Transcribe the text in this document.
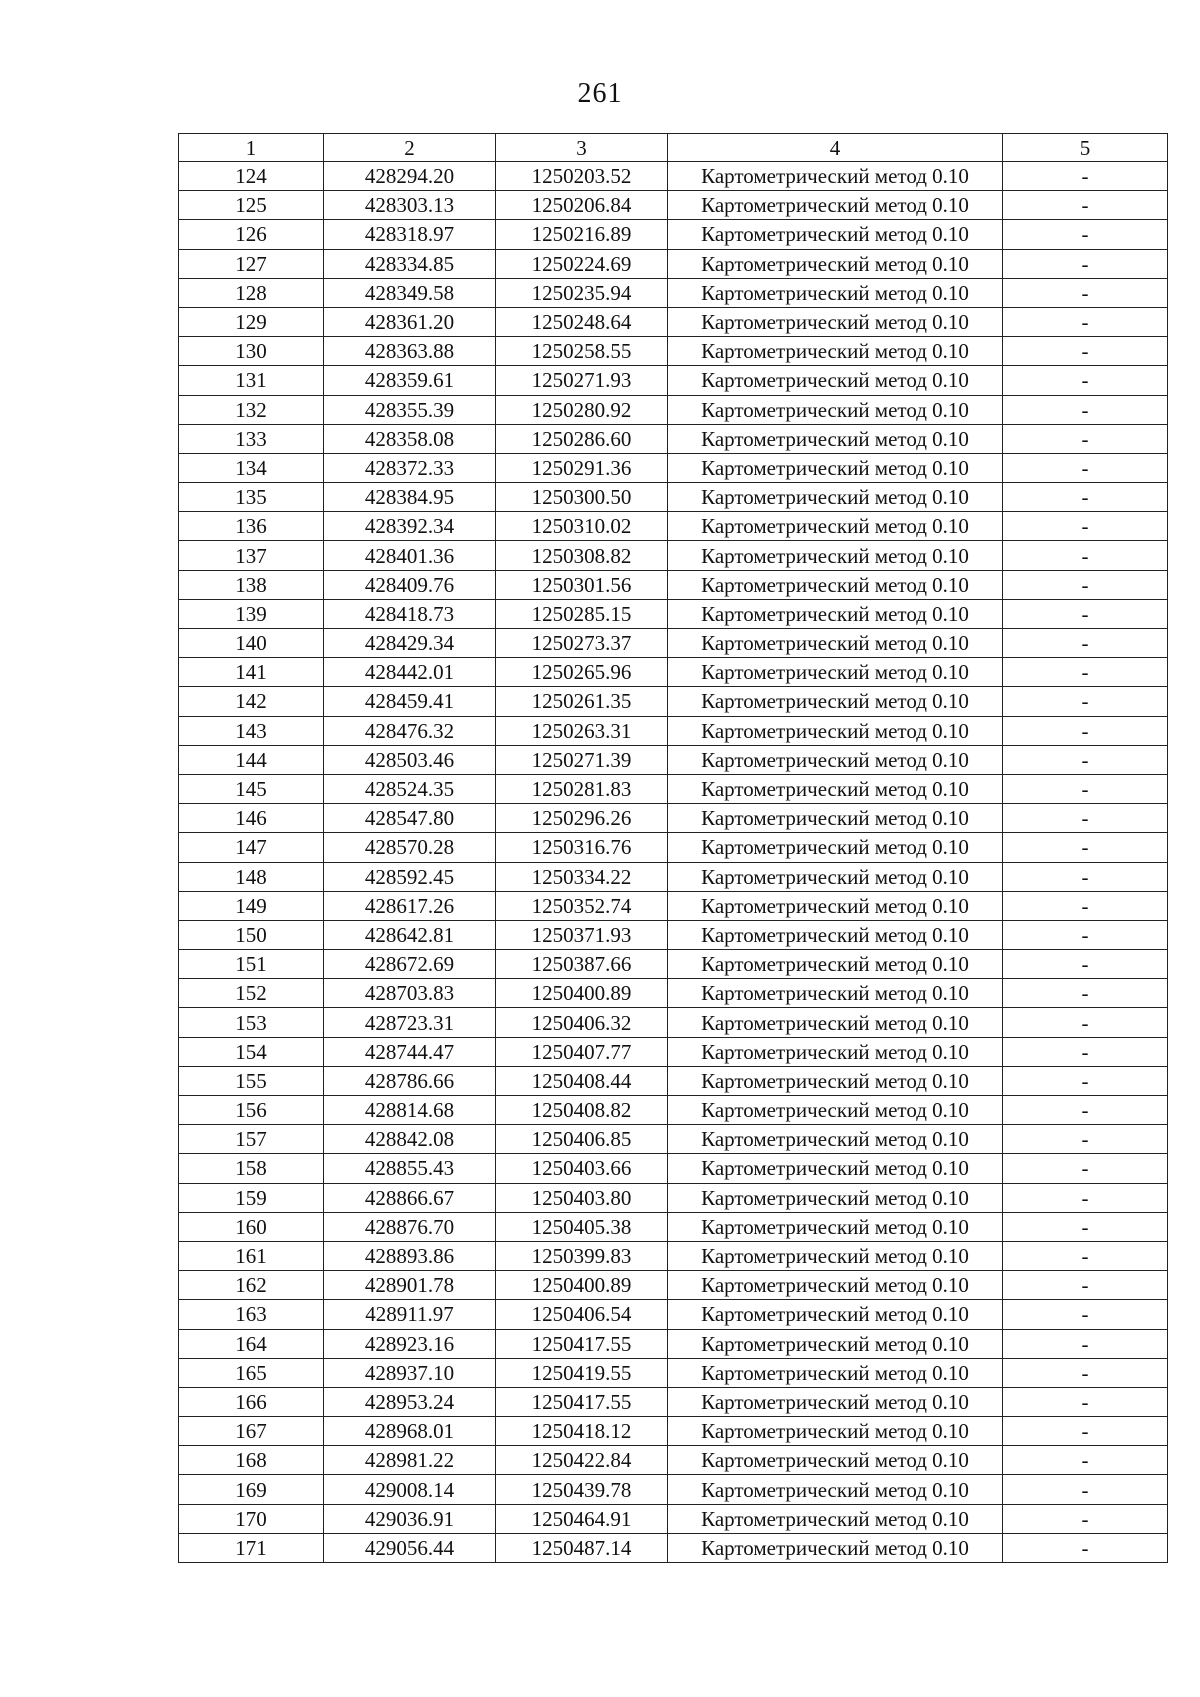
261
1	2	3	4	5
124	428294.20	1250203.52	Картометрический метод 0.10	-
125	428303.13	1250206.84	Картометрический метод 0.10	-
126	428318.97	1250216.89	Картометрический метод 0.10	-
127	428334.85	1250224.69	Картометрический метод 0.10	-
128	428349.58	1250235.94	Картометрический метод 0.10	-
129	428361.20	1250248.64	Картометрический метод 0.10	-
130	428363.88	1250258.55	Картометрический метод 0.10	-
131	428359.61	1250271.93	Картометрический метод 0.10	-
132	428355.39	1250280.92	Картометрический метод 0.10	-
133	428358.08	1250286.60	Картометрический метод 0.10	-
134	428372.33	1250291.36	Картометрический метод 0.10	-
135	428384.95	1250300.50	Картометрический метод 0.10	-
136	428392.34	1250310.02	Картометрический метод 0.10	-
137	428401.36	1250308.82	Картометрический метод 0.10	-
138	428409.76	1250301.56	Картометрический метод 0.10	-
139	428418.73	1250285.15	Картометрический метод 0.10	-
140	428429.34	1250273.37	Картометрический метод 0.10	-
141	428442.01	1250265.96	Картометрический метод 0.10	-
142	428459.41	1250261.35	Картометрический метод 0.10	-
143	428476.32	1250263.31	Картометрический метод 0.10	-
144	428503.46	1250271.39	Картометрический метод 0.10	-
145	428524.35	1250281.83	Картометрический метод 0.10	-
146	428547.80	1250296.26	Картометрический метод 0.10	-
147	428570.28	1250316.76	Картометрический метод 0.10	-
148	428592.45	1250334.22	Картометрический метод 0.10	-
149	428617.26	1250352.74	Картометрический метод 0.10	-
150	428642.81	1250371.93	Картометрический метод 0.10	-
151	428672.69	1250387.66	Картометрический метод 0.10	-
152	428703.83	1250400.89	Картометрический метод 0.10	-
153	428723.31	1250406.32	Картометрический метод 0.10	-
154	428744.47	1250407.77	Картометрический метод 0.10	-
155	428786.66	1250408.44	Картометрический метод 0.10	-
156	428814.68	1250408.82	Картометрический метод 0.10	-
157	428842.08	1250406.85	Картометрический метод 0.10	-
158	428855.43	1250403.66	Картометрический метод 0.10	-
159	428866.67	1250403.80	Картометрический метод 0.10	-
160	428876.70	1250405.38	Картометрический метод 0.10	-
161	428893.86	1250399.83	Картометрический метод 0.10	-
162	428901.78	1250400.89	Картометрический метод 0.10	-
163	428911.97	1250406.54	Картометрический метод 0.10	-
164	428923.16	1250417.55	Картометрический метод 0.10	-
165	428937.10	1250419.55	Картометрический метод 0.10	-
166	428953.24	1250417.55	Картометрический метод 0.10	-
167	428968.01	1250418.12	Картометрический метод 0.10	-
168	428981.22	1250422.84	Картометрический метод 0.10	-
169	429008.14	1250439.78	Картометрический метод 0.10	-
170	429036.91	1250464.91	Картометрический метод 0.10	-
171	429056.44	1250487.14	Картометрический метод 0.10	-
